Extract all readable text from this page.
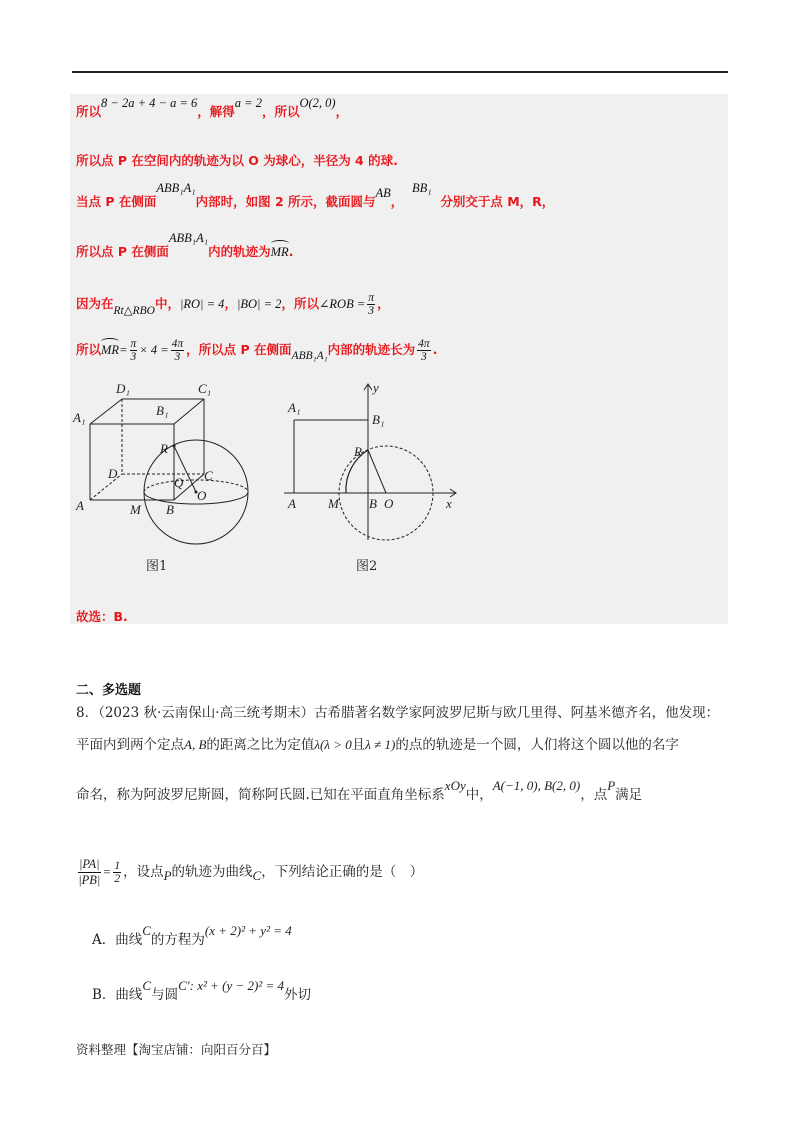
所以8 − 2a + 4 − a = 6，解得a = 2，所以O(2, 0)，
所以点 P 在空间内的轨迹为以 O 为球心，半径为 4 的球.
当点 P 在侧面ABB₁A₁内部时，如图 2 所示，截面圆与AB，  BB₁  分别交于点 M，R，
所以点 P 在侧面ABB₁A₁内的轨迹为MR.
因为在Rt△RBO中，|RO| = 4，|BO| = 2，所以∠ROB = $\frac{\pi}{3}$ ，
所以$MR= \frac{\pi}{3} \times 4 = \frac{4\pi}{3}$ ，所以点 P 在侧面ABB₁A₁内部的轨迹长为 $\frac{4\pi}{3}$ .
D₁	C₁
A₁	B₁
R
D	C
Q
O
A	M B
图1
y
A₁
B₁
R
A M B O	x
图2
故选：B.
二、多选题
8．（2023 秋·云南保山·高三统考期末）古希腊著名数学家阿波罗尼斯与欧几里得、阿基米德齐名，他发现：
平面内到两个定点A, B的距离之比为定值λ(λ > 0且λ ≠ 1)的点的轨迹是一个圆，人们将这个圆以他的名字
命名，称为阿波罗尼斯圆，简称阿氏圆.已知在平面直角坐标系xOy中，A(−1, 0), B(2, 0)，点P满足
$\frac{|PA|}{|PB|} = \frac{1}{2}$ ，设点P的轨迹为曲线C，下列结论正确的是（　）
A．曲线C的方程为(x + 2)² + y² = 4
B．曲线C与圆C′: x² + (y − 2)² = 4外切
资料整理【淘宝店铺：向阳百分百】
